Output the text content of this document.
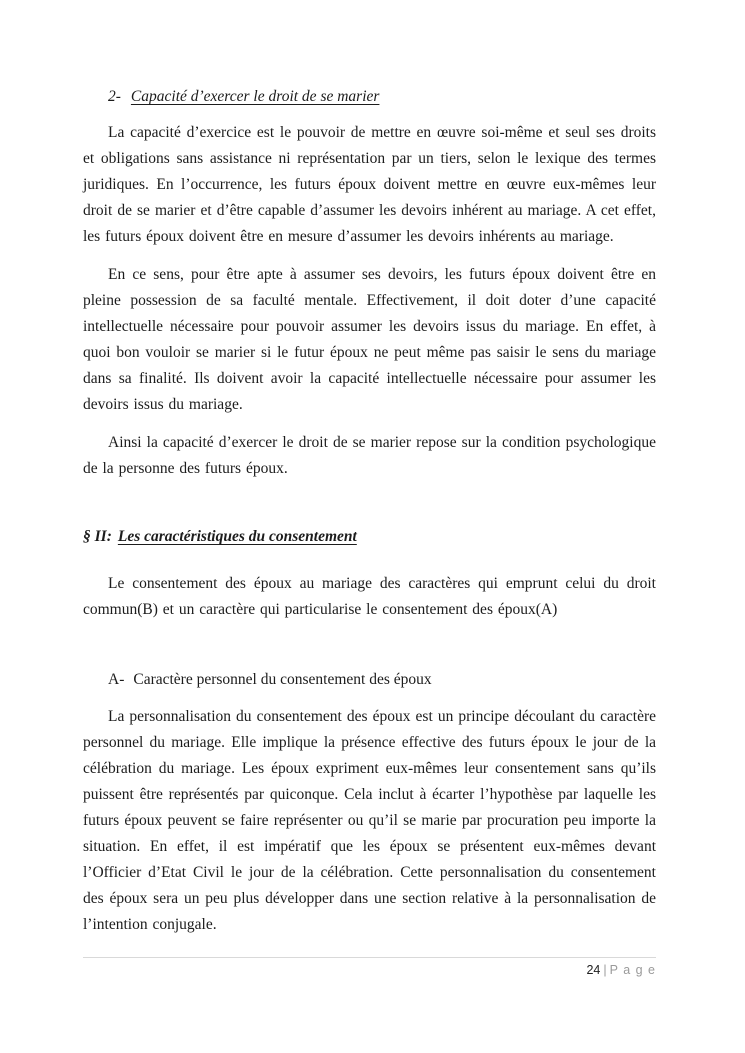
2- Capacité d’exercer le droit de se marier

La capacité d’exercice est le pouvoir de mettre en œuvre soi-même et seul ses droits et obligations sans assistance ni représentation par un tiers, selon le lexique des termes juridiques. En l’occurrence, les futurs époux doivent mettre en œuvre eux-mêmes leur droit de se marier et d’être capable d’assumer les devoirs inhérent au mariage. A cet effet, les futurs époux doivent être en mesure d’assumer les devoirs inhérents au mariage.

En ce sens, pour être apte à assumer ses devoirs, les futurs époux doivent être en pleine possession de sa faculté mentale. Effectivement, il doit doter d’une capacité intellectuelle nécessaire pour pouvoir assumer les devoirs issus du mariage. En effet, à quoi bon vouloir se marier si le futur époux ne peut même pas saisir le sens du mariage dans sa finalité. Ils doivent avoir la capacité intellectuelle nécessaire pour assumer les devoirs issus du mariage.

Ainsi la capacité d’exercer le droit de se marier repose sur la condition psychologique de la personne des futurs époux.

§ II: Les caractéristiques du consentement

Le consentement des époux au mariage des caractères qui emprunt celui du droit commun(B) et un caractère qui particularise le consentement des époux(A)

A- Caractère personnel du consentement des époux

La personnalisation du consentement des époux est un principe découlant du caractère personnel du mariage. Elle implique la présence effective des futurs époux le jour de la célébration du mariage. Les époux expriment eux-mêmes leur consentement sans qu’ils puissent être représentés par quiconque. Cela inclut à écarter l’hypothèse par laquelle les futurs époux peuvent se faire représenter ou qu’il se marie par procuration peu importe la situation. En effet, il est impératif que les époux se présentent eux-mêmes devant l’Officier d’Etat Civil le jour de la célébration. Cette personnalisation du consentement des époux sera un peu plus développer dans une section relative à la personnalisation de l’intention conjugale.

24 | P a g e
